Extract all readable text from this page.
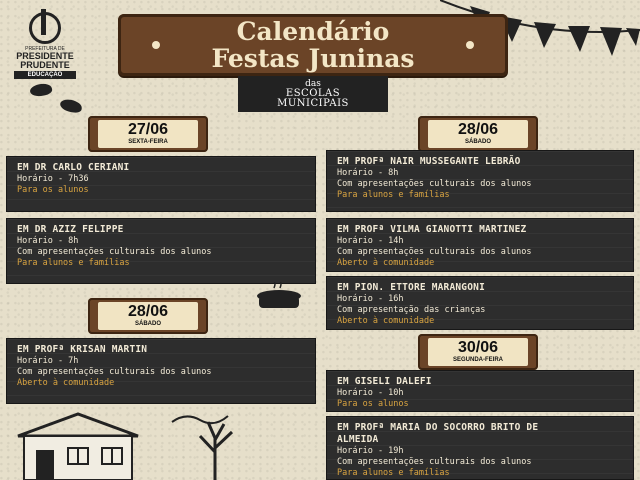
PREFEITURA DE
PRESIDENTE
PRUDENTE
EDUCAÇÃO
Calendário
Festas Juninas
das
ESCOLAS
MUNICIPAIS
27/06
SEXTA-FEIRA
28/06
SÁBADO
28/06
SÁBADO
30/06
SEGUNDA-FEIRA
EM DR CARLO CERIANI
Horário - 7h36
Para os alunos
EM DR AZIZ FELIPPE
Horário - 8h
Com apresentações culturais dos alunos
Para alunos e famílias
EM PROFª KRISAN MARTIN
Horário - 7h
Com apresentações culturais dos alunos
Aberto à comunidade
EM PROFª NAIR MUSSEGANTE LEBRÃO
Horário - 8h
Com apresentações culturais dos alunos
Para alunos e famílias
EM PROFª VILMA GIANOTTI MARTINEZ
Horário - 14h
Com apresentações culturais dos alunos
Aberto à comunidade
EM PION. ETTORE MARANGONI
Horário - 16h
Com apresentação das crianças
Aberto à comunidade
EM GISELI DALEFI
Horário - 10h
Para os alunos
EM PROFª MARIA DO SOCORRO BRITO DE
ALMEIDA
Horário - 19h
Com apresentações culturais dos alunos
Para alunos e famílias
